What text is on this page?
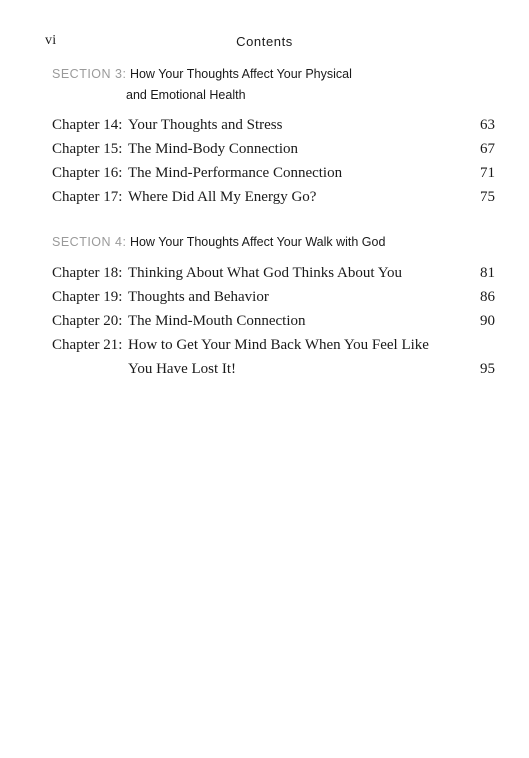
vi	Contents
SECTION 3: How Your Thoughts Affect Your Physical
and Emotional Health
Chapter 14: Your Thoughts and Stress	63
Chapter 15: The Mind-Body Connection	67
Chapter 16: The Mind-Performance Connection	71
Chapter 17: Where Did All My Energy Go?	75
SECTION 4: How Your Thoughts Affect Your Walk with God
Chapter 18: Thinking About What God Thinks About You	81
Chapter 19: Thoughts and Behavior	86
Chapter 20: The Mind-Mouth Connection	90
Chapter 21: How to Get Your Mind Back When You Feel Like
You Have Lost It!	95
